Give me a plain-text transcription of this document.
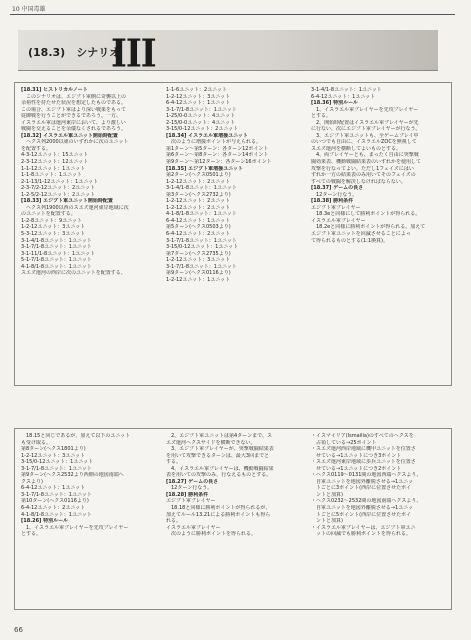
10 中国毒雄
(18.3)　シナリオ
III
[18.31] ヒストリカルノート
　このシナリオは、エジプト軍側に奇襲以上の
余裕性を持たせた状況を想定したものである。
この場合、エジプト軍はより深い戦果をもって
従御戦を行うことができるであろう。一方、
イスラエル軍は運河東岸において、より激しい
戦闘を交えることを余儀なくされるであろう。
[18.32] イスラエル軍ユニット開始時配置
　ヘクス列2000以東のいずれかに次のユニット
を配置する。
4-3-12ユニット：15ユニット
2-3-12ユニット：12ユニット
1-1-12ユニット：1ユニット
1-1-8ユニット：1ユニット
2-1-13/1-12ユニット：1ユニット
2-3-7/2-12ユニット：2ユニット
1-2-5/2-12ユニット：2ユニット
[18.33] エジプト軍ユニット開始時配置
　ヘクス列1900以西のスエズ運河東岸地域に次
のユニットを配置する。
1-2-8ユニット：9ユニット
1-2-12ユニット：3ユニット
5-3-12ユニット：3ユニット
3-1-4/1-8ユニット：1ユニット
3-1-7/1-8ユニット：1ユニット
3-1-11/1-8ユニット：1ユニット
5-1-7/1-8ユニット：1ユニット
4-1-8/1-8ユニット：1ユニット
スエズ運河の西岸に次のユニットを配置する。
1-1-6ユニット：2ユニット
1-2-12ユニット：3ユニット
6-4-12ユニット：1ユニット
3-1-7/1-8ユニット：1ユニット
1-25/0-0ユニット：4ユニット
2-15/0-0ユニット：4ユニット
3-15/0-12ユニット：2ユニット
[18.34] イスラエル軍増援ユニット
　次のように増援ポイントが与えられる。
第1ターン〜第5ターン：各ターン12ポイント
第6ターン〜第8ターン：各ターン14ポイント
第9ターン〜第12ターン：各ターン16ポイント
[18.35] エジプト軍増援ユニット
第2ターン(ヘクス0501より)
1-2-12ユニット：2ユニット
3-1-4/1-8ユニット：1ユニット
第3ターン(ヘクス2732より)
1-2-12ユニット：2ユニット
1-2-12ユニット：2ユニット
4-1-8/1-8ユニット：1ユニット
6-4-12ユニット：1ユニット
第5ターン(ヘクス0503より)
6-4-12ユニット：2ユニット
3-1-7/1-8ユニット：1ユニット
3-15/0-12ユニット：1ユニット
第7ターン(ヘクス2735より)
1-2-12ユニット：3ユニット
3-1-7/1-8ユニット：1ユニット
第9ターン(ヘクス0116より)
1-2-12ユニット：1ユニット
3-1-4/1-8ユニット：1ユニット
6-4-12ユニット：1ユニット
[18.36] 特別ルール
　1、イスラエル軍プレイヤーを先攻プレイヤー
とする。
　2、開始時配置はイスラエル軍プレイヤーが先
に行ない、次にエジプト軍プレイヤーが行なう。
　3、エジプト軍ユニットも、全ゲームプレイ中
のいつでも自由に、イスラエルZOCを無視して
スエズ運河を横断してよいものとする。
　4、両プレイヤーとも、まったく自由に突撃戦
闘効果表、機動戦闘結果表のいずれかを使用して
攻撃を行なってよい。ただし1フェイズにはい
ずれか一方の結果表のみ用いてそのフェイズの
すべての戦闘を解決しなければならない。
[18.37] ゲームの長さ
　12ターン行なう。
[18.38] 勝利条件
エジプト軍プレイヤー
　18.3eと同様にして勝利ポイントが得られる。
イスラエル軍プレイヤー
　18.2eと同様に勝利ポイントが得られる。加えて
エジプト軍ユニットを回滅させることによっ
て得られるものとする(1:1換算)。
　18.15と同じであるが、加えて以下のユニット
も受け取る。
第8ターン(ヘクス1801より)
1-2-12ユニット：3ユニット
3-15/0-12ユニット：1ユニット
3-1-7/1-8ユニット：1ユニット
第9ターン(ヘクス2532より西側の地図南端へ
クスより)
6-4-12ユニット：1ユニット
3-1-7/1-8ユニット：1ユニット
第10ターン(ヘクス0116より)
6-4-12ユニット：2ユニット
4-1-8/1-8ユニット：1ユニット
[18.26] 特別ルール
　1、イスラエル軍プレイヤーを先攻プレイヤー
とする。
　2、エジプト軍ユニットは第4ターンまで、ス
エズ運河ヘクスサイドを横断できない。
　3、エジプト軍プレイヤーが、突撃戦闘結果表
を用いて攻撃できるターンは、最大3回までと
する。
　4、イスラエル軍プレイヤーは、機動戦闘結果
表を用いての攻撃のみ、行なえるものとする。
[18.27] ゲームの長さ
　12ターン行なう。
[18.28] 勝利条件
エジプト軍プレイヤー
　18.18と同様に勝利ポイントが得られるが、
加えてルール13.21による勝利ポイントも得ら
れる。
イスラエル軍プレイヤー
　次のように勝利ポイントを得られる。
・イスマイリア(Ismailia)のすべてのヘクスを
　占領している→25ポイント
・スエズ運河西岸地域に機甲ユニットを位置さ
　せている→1ユニットにつき3ポイント
・スエズ運河東岸地域に歩兵ユニットを位置さ
　せている→1ユニットにつき2ポイント
・ヘクス0119〜0131間の地図西端ヘクスより、
　自軍ユニットを地図外離脱させる→1ユニッ
　トごとに3ポイント(西岸に位置させたポイ
　ントと加算)
・ヘクス0232〜2532間の地図南端ヘクスより、
　自軍ユニットを地図外離脱させる→1ユニッ
　トごとに5ポイント(西岸に位置させたポイ
　ントと加算)
・イスラエル軍プレイヤーは、エジプト軍ユニ
　ットの回滅でも勝利ポイントを得られる。
66
